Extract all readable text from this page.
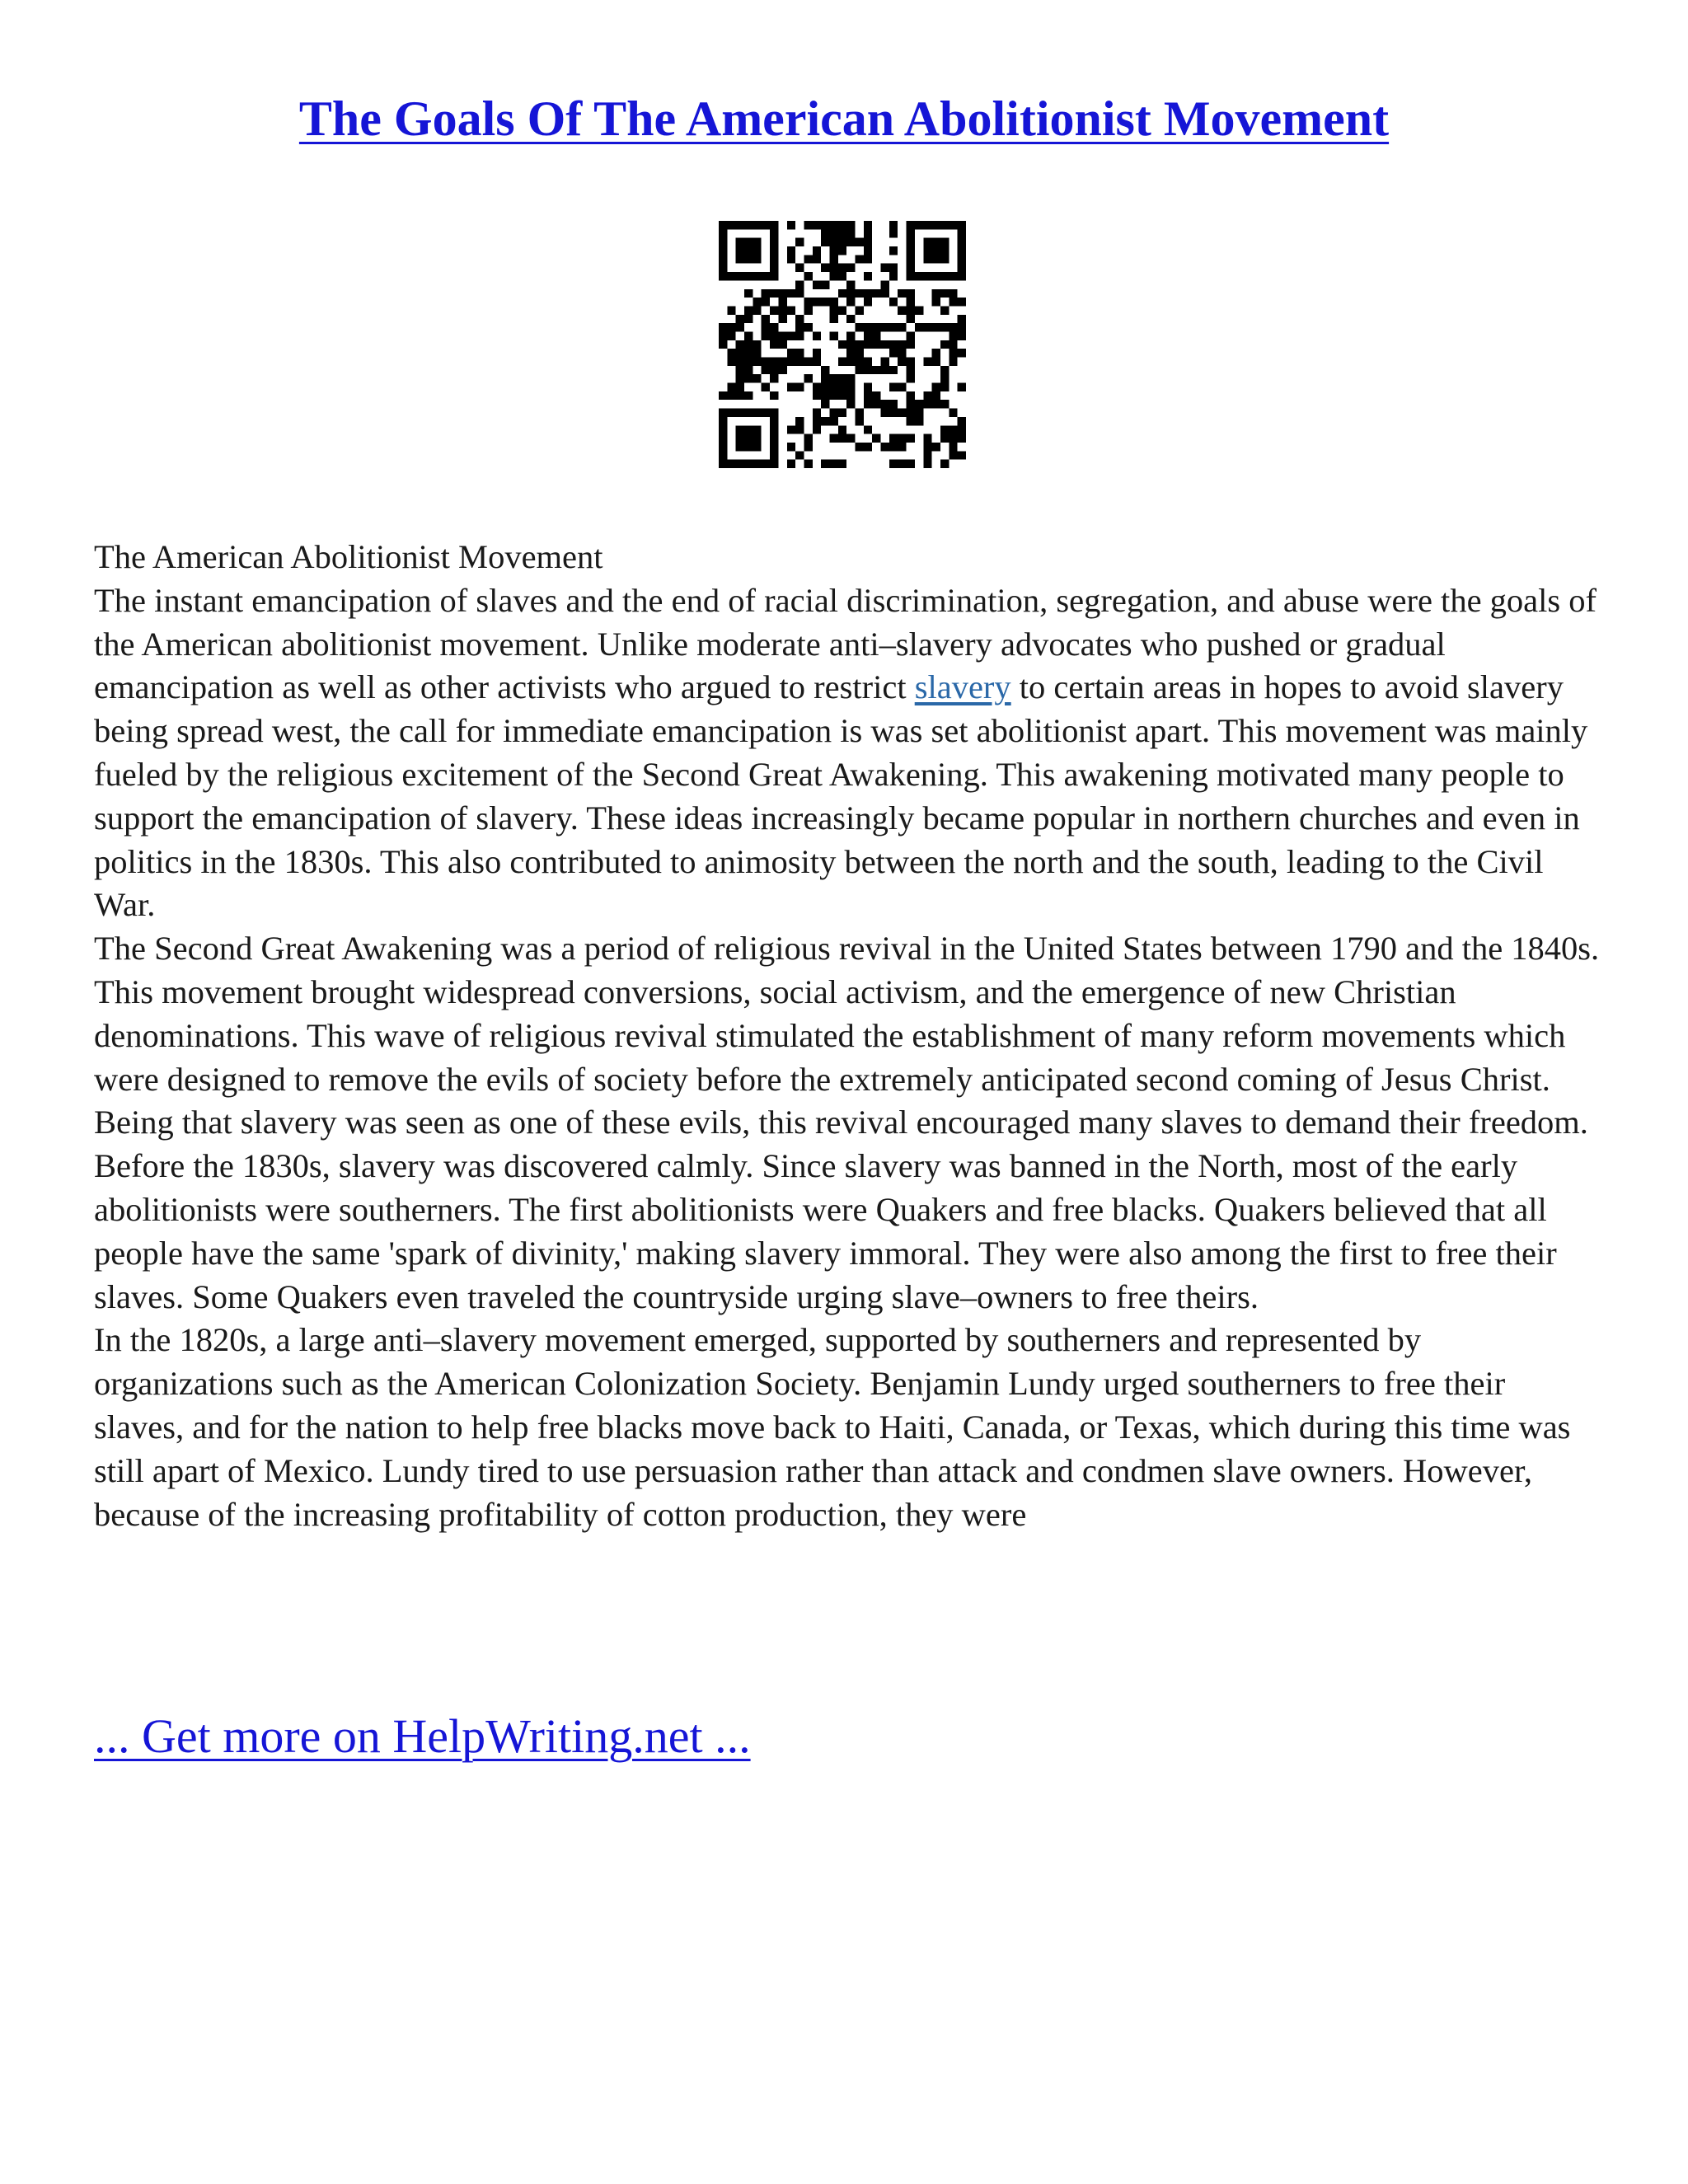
The Goals Of The American Abolitionist Movement

The American Abolitionist Movement

The instant emancipation of slaves and the end of racial discrimination, segregation, and abuse were the goals of the American abolitionist movement. Unlike moderate anti–slavery advocates who pushed or gradual emancipation as well as other activists who argued to restrict slavery to certain areas in hopes to avoid slavery being spread west, the call for immediate emancipation is was set abolitionist apart. This movement was mainly fueled by the religious excitement of the Second Great Awakening. This awakening motivated many people to support the emancipation of slavery. These ideas increasingly became popular in northern churches and even in politics in the 1830s. This also contributed to animosity between the north and the south, leading to the Civil War.

The Second Great Awakening was a period of religious revival in the United States between 1790 and the 1840s. This movement brought widespread conversions, social activism, and the emergence of new Christian denominations. This wave of religious revival stimulated the establishment of many reform movements which were designed to remove the evils of society before the extremely anticipated second coming of Jesus Christ. Being that slavery was seen as one of these evils, this revival encouraged many slaves to demand their freedom.

Before the 1830s, slavery was discovered calmly. Since slavery was banned in the North, most of the early abolitionists were southerners. The first abolitionists were Quakers and free blacks. Quakers believed that all people have the same 'spark of divinity,' making slavery immoral. They were also among the first to free their slaves. Some Quakers even traveled the countryside urging slave–owners to free theirs.

In the 1820s, a large anti–slavery movement emerged, supported by southerners and represented by organizations such as the American Colonization Society. Benjamin Lundy urged southerners to free their slaves, and for the nation to help free blacks move back to Haiti, Canada, or Texas, which during this time was still apart of Mexico. Lundy tired to use persuasion rather than attack and condmen slave owners. However, because of the increasing profitability of cotton production, they were

... Get more on HelpWriting.net ...
